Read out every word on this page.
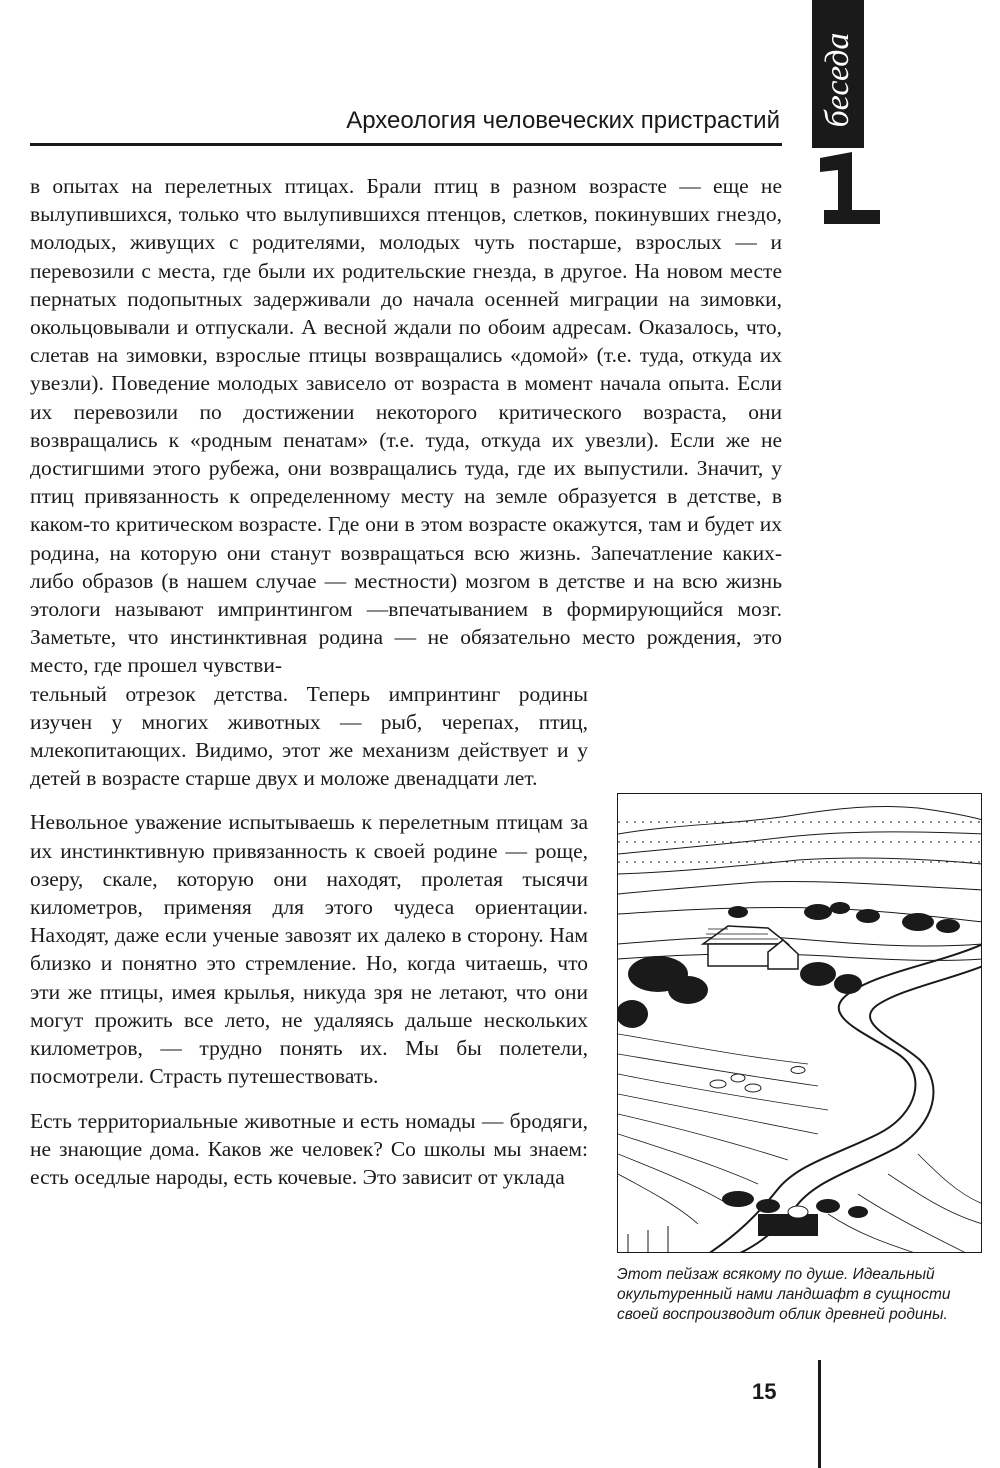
Археология человеческих пристрастий беседа

в опытах на перелетных птицах. Брали птиц в разном возрасте — еще не вылупившихся, только что вылупившихся птенцов, слетков, покинувших гнездо, молодых, живущих с родителями, молодых чуть постарше, взрослых — и перевозили с места, где были их родительские гнезда, в другое. На новом месте пернатых подопытных задерживали до начала осенней миграции на зимовки, окольцовывали и отпускали. А весной ждали по обоим адресам. Оказалось, что, слетав на зимовки, взрослые птицы возвращались «домой» (т.е. туда, откуда их увезли). Поведение молодых зависело от возраста в момент начала опыта. Если их перевозили по достижении некоторого критического возраста, они возвращались к «родным пенатам» (т.е. туда, откуда их увезли). Если же не достигшими этого рубежа, они возвращались туда, где их выпустили. Значит, у птиц привязанность к определенному месту на земле образуется в детстве, в каком-то критическом возрасте. Где они в этом возрасте окажутся, там и будет их родина, на которую они станут возвращаться всю жизнь. Запечатление каких-либо образов (в нашем случае — местности) мозгом в детстве и на всю жизнь этологи называют импринтингом —впечатыванием в формирующийся мозг. Заметьте, что инстинктивная родина — не обязательно место рождения, это место, где прошел чувстви-

тельный отрезок детства. Теперь импринтинг родины изучен у многих животных — рыб, черепах, птиц, млекопитающих. Видимо, этот же механизм действует и у детей в возрасте старше двух и моложе двенадцати лет.

Невольное уважение испытываешь к перелетным птицам за их инстинктивную привязанность к своей родине — роще, озеру, скале, которую они находят, пролетая тысячи километров, применяя для этого чудеса ориентации. Находят, даже если ученые завозят их далеко в сторону. Нам близко и понятно это стремление. Но, когда читаешь, что эти же птицы, имея крылья, никуда зря не летают, что они могут прожить все лето, не удаляясь дальше нескольких километров, — трудно понять их. Мы бы полетели, посмотрели. Страсть путешествовать.

Есть территориальные животные и есть номады — бродяги, не знающие дома. Каков же человек? Со школы мы знаем: есть оседлые народы, есть кочевые. Это зависит от уклада

Этот пейзаж всякому по душе. Идеальный окультуренный нами ландшафт в сущности своей воспроизводит облик древней родины.
15
